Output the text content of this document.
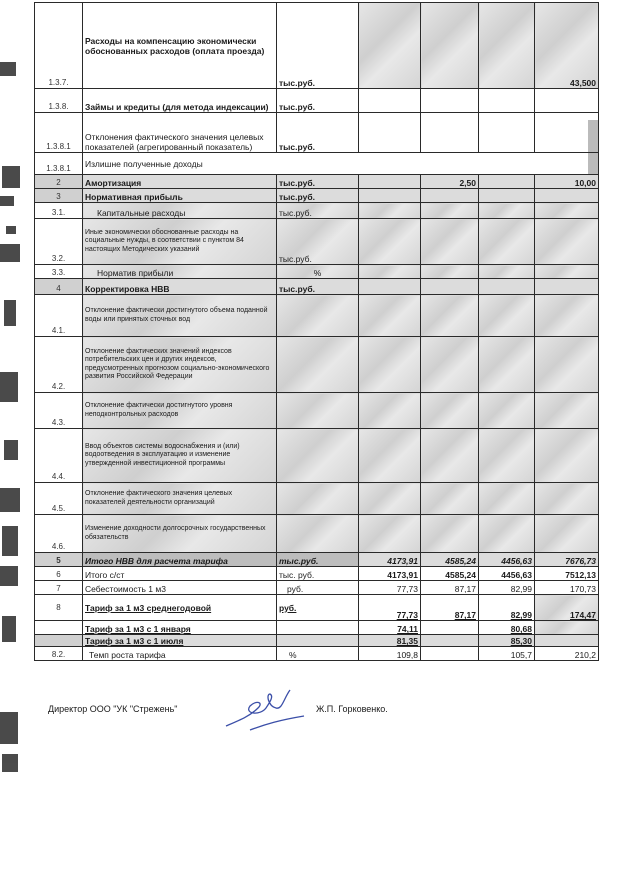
1.3.7.	Расходы на компенсацию экономически обоснованных расходов (оплата проезда)	тыс.руб.				43,500
1.3.8.	Займы и кредиты (для метода индексации)	тыс.руб.				
1.3.8.1	Отклонения фактического значения целевых показателей (агрегированный показатель)	тыс.руб.				
1.3.8.1	Излишне полученные доходы					
2	Амортизация	тыс.руб.		2,50		10,00
3	Нормативная прибыль	тыс.руб.				
3.1.	Капитальные расходы	тыс.руб.				
3.2.	Иные экономически обоснованные расходы на социальные нужды, в соответствии с пунктом 84 настоящих Методических указаний	тыс.руб.				
3.3.	Норматив прибыли	%				
4	Корректировка НВВ	тыс.руб.				
4.1.	Отклонение фактически достигнутого объема поданной воды или принятых сточных вод					
4.2.	Отклонение фактических значений индексов потребительских цен и других индексов, предусмотренных прогнозом социально-экономического развития Российской Федерации					
4.3.	Отклонение фактически достигнутого уровня неподконтрольных расходов					
4.4.	Ввод объектов системы водоснабжения и (или) водоотведения в эксплуатацию и изменение утвержденной инвестиционной программы					
4.5.	Отклонение фактического значения целевых показателей деятельности организаций					
4.6.	Изменение доходности долгосрочных государственных обязательств					
5	Итого НВВ для расчета тарифа	тыс.руб.	4173,91	4585,24	4456,63	7676,73
6	Итого с/ст	тыс. руб.	4173,91	4585,24	4456,63	7512,13
7	Себестоимость 1 м3	руб.	77,73	87,17	82,99	170,73
8	Тариф за 1 м3 среднегодовой	руб.	77,73	87,17	82,99	174,47
	Тариф за 1 м3 с 1 января		74,11		80,68	
	Тариф за 1 м3 с 1 июля		81,35		85,30	
8.2.	Темп роста тарифа	%	109,8		105,7	210,2
Директор ООО "УК "Стрежень"	Ж.П. Горковенко.
